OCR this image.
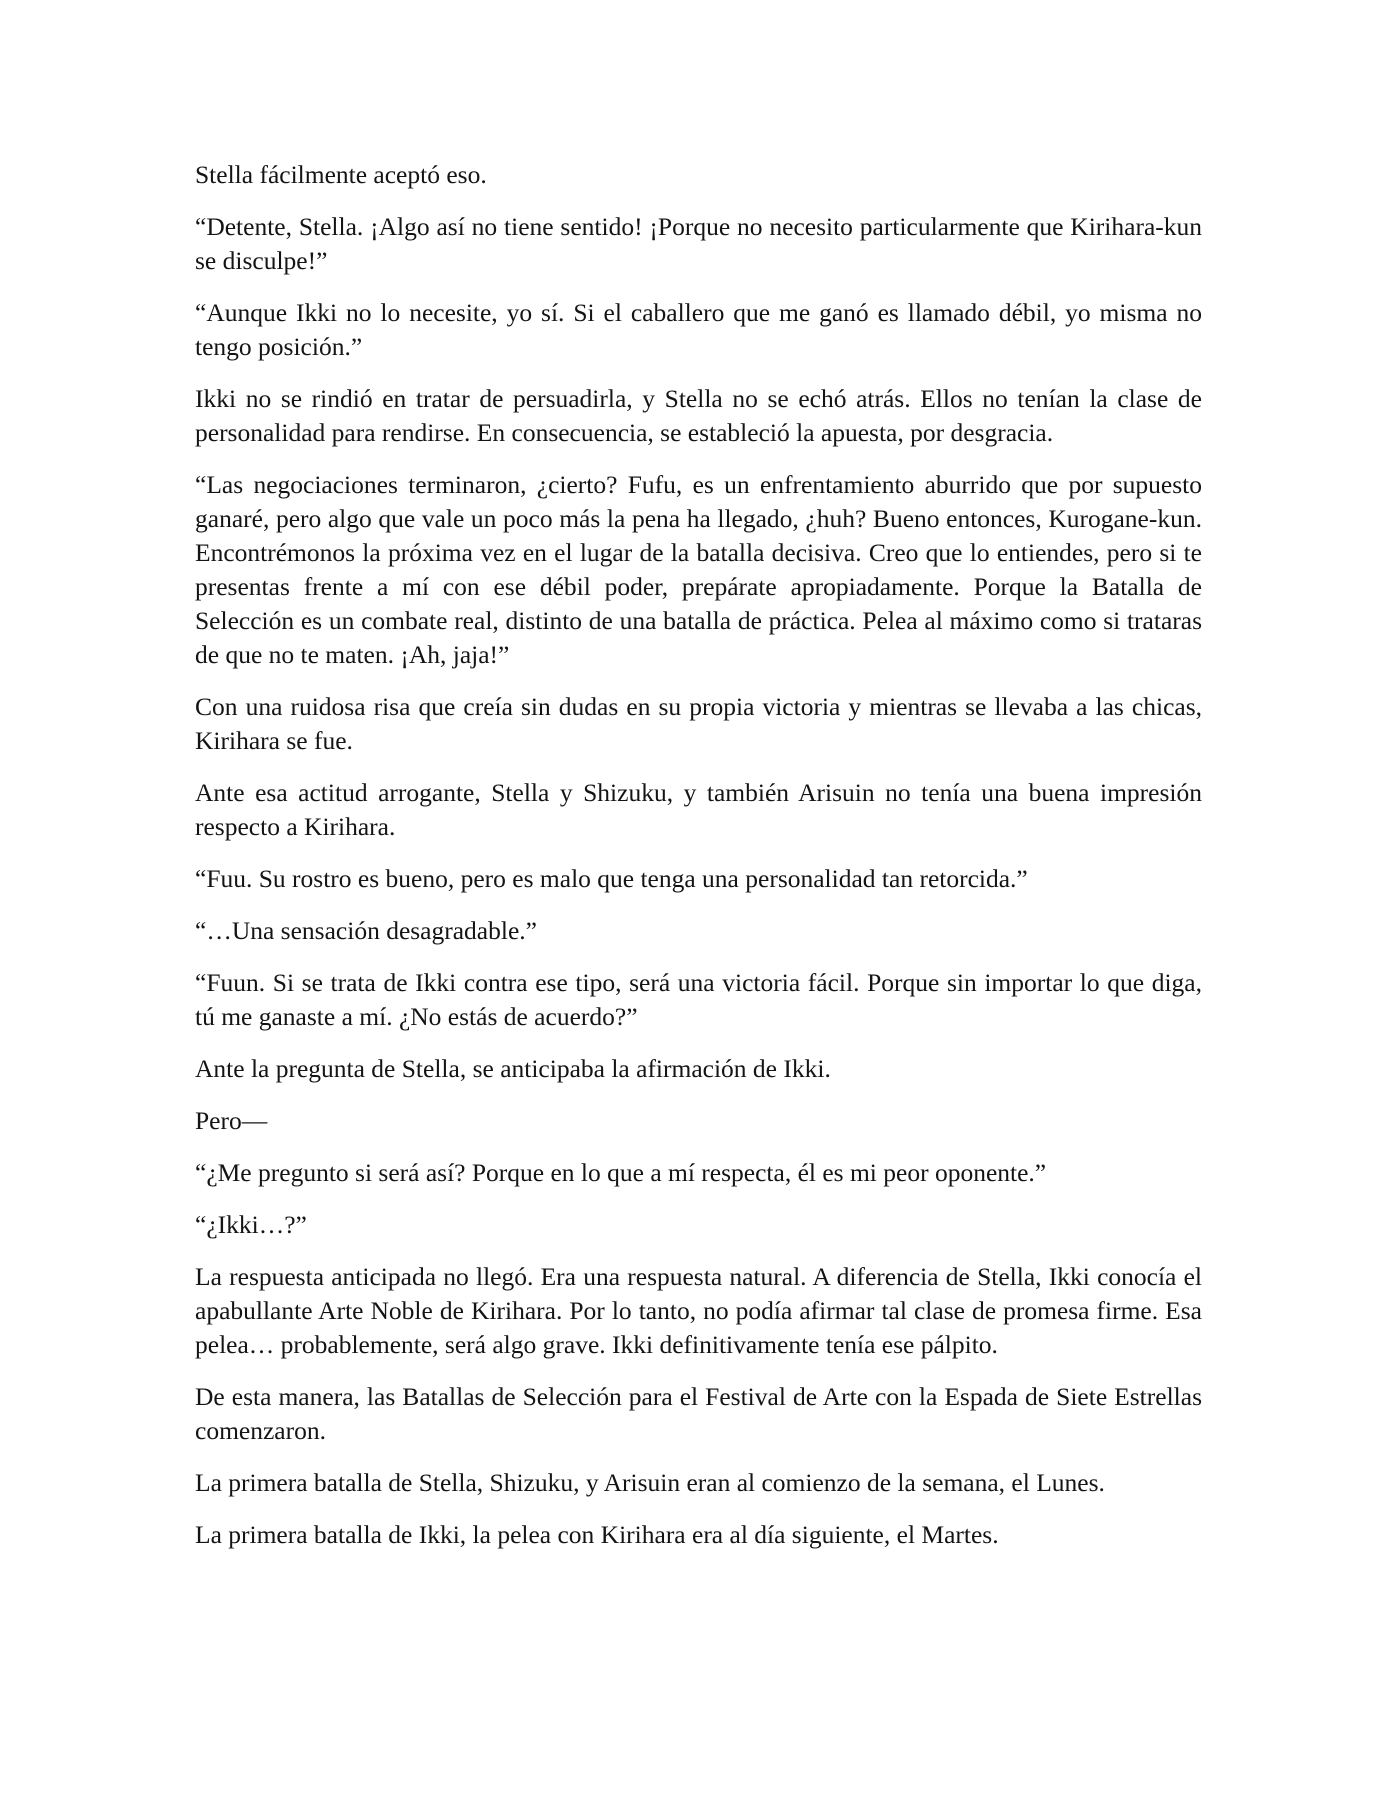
Stella fácilmente aceptó eso.

“Detente, Stella. ¡Algo así no tiene sentido! ¡Porque no necesito particularmente que Kirihara-kun se disculpe!”

“Aunque Ikki no lo necesite, yo sí. Si el caballero que me ganó es llamado débil, yo misma no tengo posición.”

Ikki no se rindió en tratar de persuadirla, y Stella no se echó atrás. Ellos no tenían la clase de personalidad para rendirse. En consecuencia, se estableció la apuesta, por desgracia.

“Las negociaciones terminaron, ¿cierto? Fufu, es un enfrentamiento aburrido que por supuesto ganaré, pero algo que vale un poco más la pena ha llegado, ¿huh? Bueno entonces, Kurogane-kun. Encontrémonos la próxima vez en el lugar de la batalla decisiva. Creo que lo entiendes, pero si te presentas frente a mí con ese débil poder, prepárate apropiadamente. Porque la Batalla de Selección es un combate real, distinto de una batalla de práctica. Pelea al máximo como si trataras de que no te maten. ¡Ah, jaja!”

Con una ruidosa risa que creía sin dudas en su propia victoria y mientras se llevaba a las chicas, Kirihara se fue.

Ante esa actitud arrogante, Stella y Shizuku, y también Arisuin no tenía una buena impresión respecto a Kirihara.

“Fuu. Su rostro es bueno, pero es malo que tenga una personalidad tan retorcida.”

“…Una sensación desagradable.”

“Fuun. Si se trata de Ikki contra ese tipo, será una victoria fácil. Porque sin importar lo que diga, tú me ganaste a mí. ¿No estás de acuerdo?”

Ante la pregunta de Stella, se anticipaba la afirmación de Ikki.

Pero—

“¿Me pregunto si será así? Porque en lo que a mí respecta, él es mi peor oponente.”

“¿Ikki…?”

La respuesta anticipada no llegó. Era una respuesta natural. A diferencia de Stella, Ikki conocía el apabullante Arte Noble de Kirihara. Por lo tanto, no podía afirmar tal clase de promesa firme. Esa pelea… probablemente, será algo grave. Ikki definitivamente tenía ese pálpito.

De esta manera, las Batallas de Selección para el Festival de Arte con la Espada de Siete Estrellas comenzaron.

La primera batalla de Stella, Shizuku, y Arisuin eran al comienzo de la semana, el Lunes.

La primera batalla de Ikki, la pelea con Kirihara era al día siguiente, el Martes.
